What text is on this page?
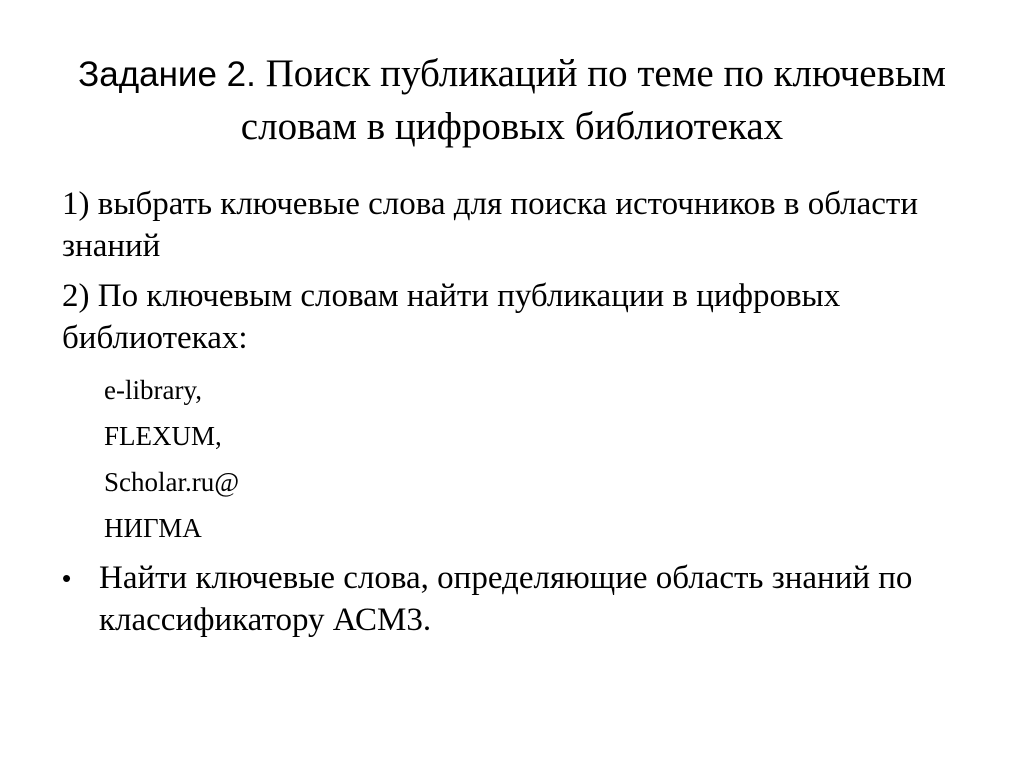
Задание 2. Поиск публикаций по теме по ключевым словам в цифровых библиотеках
1) выбрать ключевые слова для поиска источников в области знаний
2) По ключевым словам найти публикации в цифровых библиотеках:
e-library,
FLEXUM,
Scholar.ru@
НИГМА
• Найти ключевые слова, определяющие область знаний по классификатору АСМ3.
